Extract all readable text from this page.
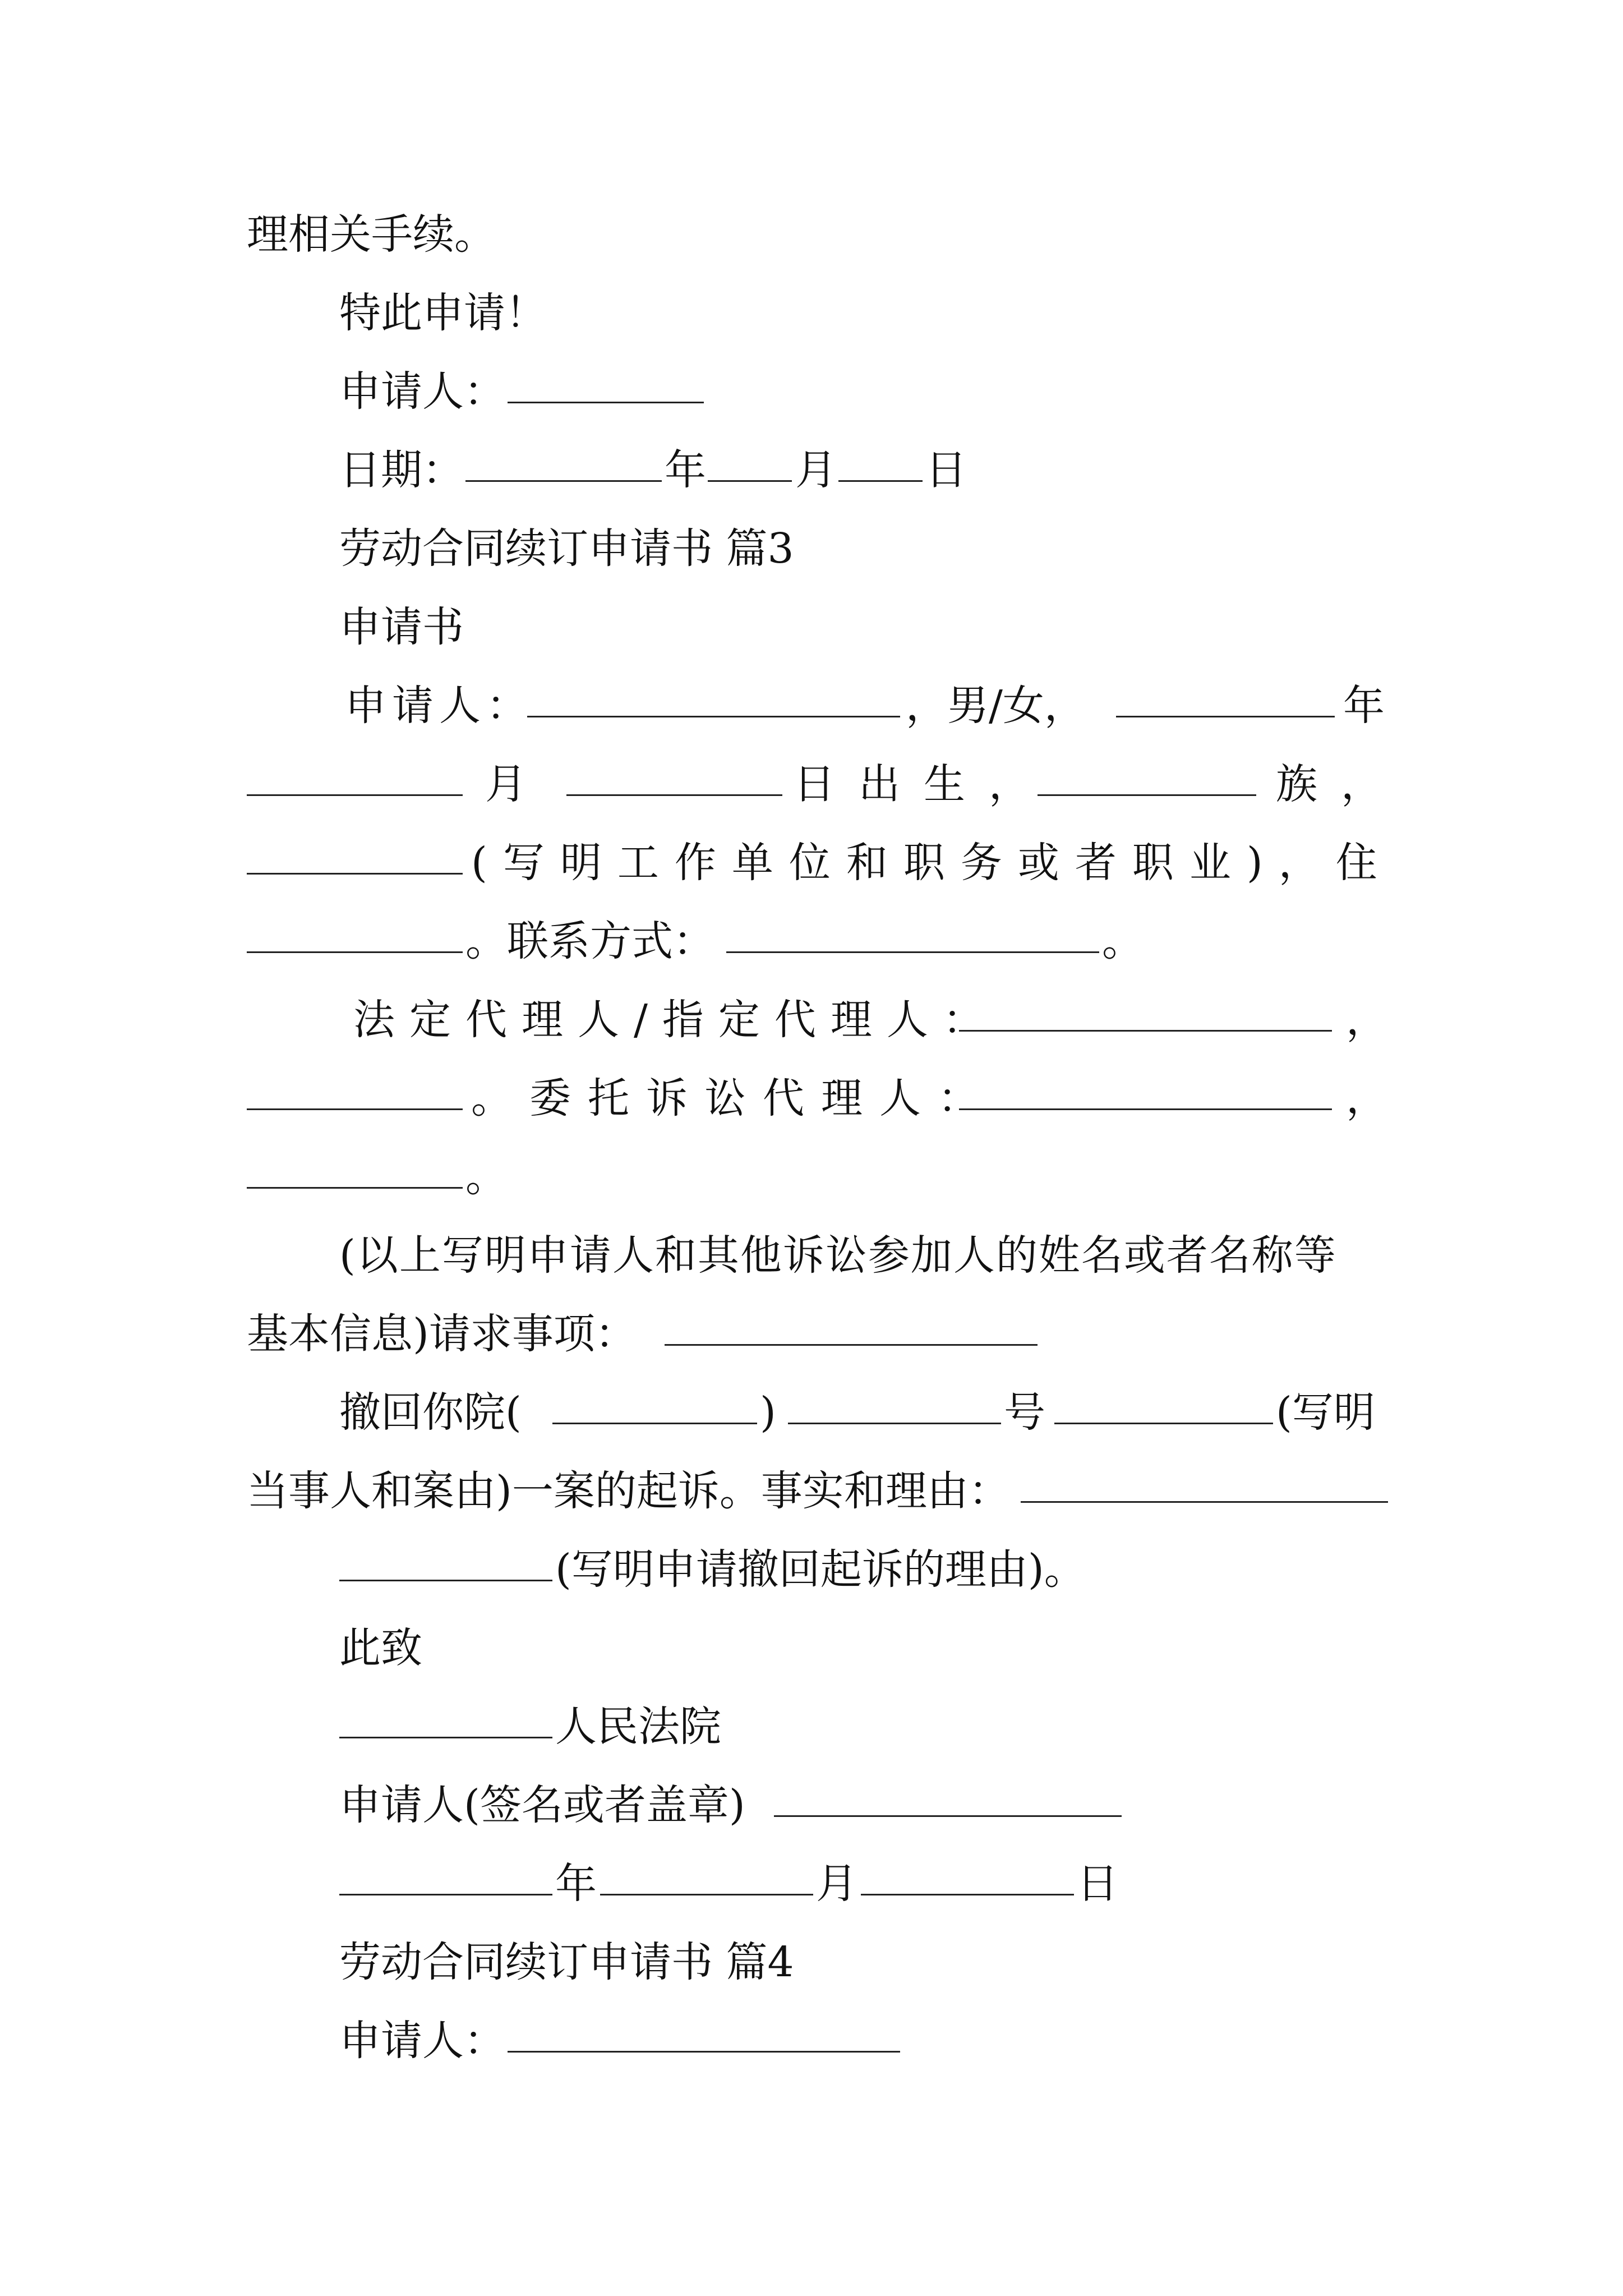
理相关手续。
特此申请！
申请人：
日期：	年 月 日
劳动合同续订申请书 篇3
申请书
申请人：	，男/女，	年
月	日出生，	族，
(写明工作单位和职务或者职业)，住
。联系方式：	。
法定代理人/指定代理人：	，
。委托诉讼代理人：	，
。
(以上写明申请人和其他诉讼参加人的姓名或者名称等
基本信息)请求事项：
撤回你院(	)	号	(写明
当事人和案由)一案的起诉。事实和理由：
(写明申请撤回起诉的理由)。
此致
人民法院
申请人(签名或者盖章)
年	月	日
劳动合同续订申请书 篇4
申请人：
